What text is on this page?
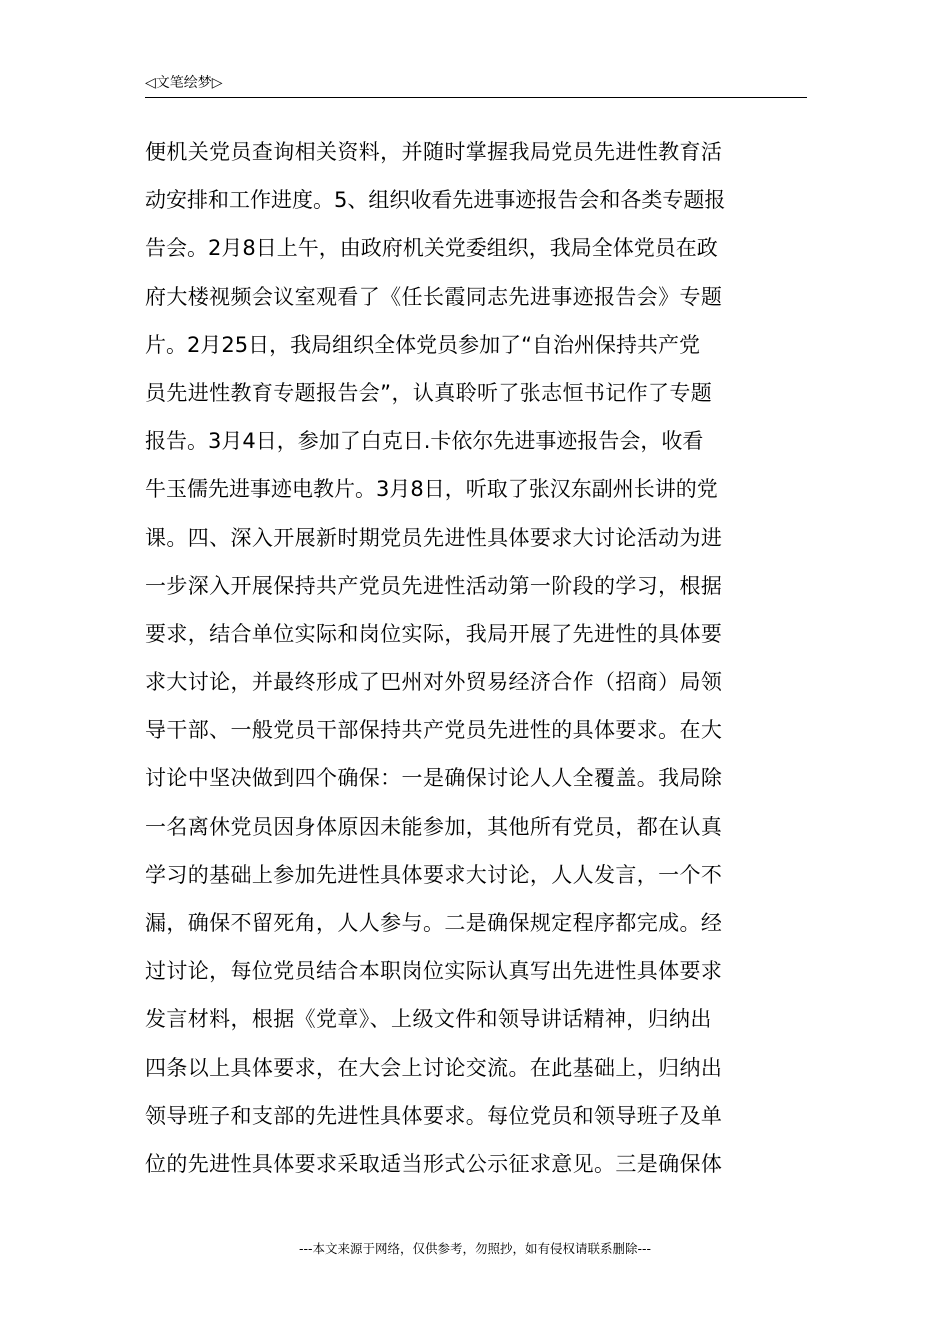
◁文笔绘梦▷
便机关党员查询相关资料，并随时掌握我局党员先进性教育活
动安排和工作进度。5、组织收看先进事迹报告会和各类专题报
告会。2月8日上午，由政府机关党委组织，我局全体党员在政
府大楼视频会议室观看了《任长霞同志先进事迹报告会》专题
片。2月25日，我局组织全体党员参加了“自治州保持共产党
员先进性教育专题报告会”，认真聆听了张志恒书记作了专题
报告。3月4日，参加了白克日.卡依尔先进事迹报告会，收看
牛玉儒先进事迹电教片。3月8日，听取了张汉东副州长讲的党
课。四、深入开展新时期党员先进性具体要求大讨论活动为进
一步深入开展保持共产党员先进性活动第一阶段的学习，根据
要求，结合单位实际和岗位实际，我局开展了先进性的具体要
求大讨论，并最终形成了巴州对外贸易经济合作（招商）局领
导干部、一般党员干部保持共产党员先进性的具体要求。在大
讨论中坚决做到四个确保：一是确保讨论人人全覆盖。我局除
一名离休党员因身体原因未能参加，其他所有党员，都在认真
学习的基础上参加先进性具体要求大讨论，人人发言，一个不
漏，确保不留死角，人人参与。二是确保规定程序都完成。经
过讨论，每位党员结合本职岗位实际认真写出先进性具体要求
发言材料，根据《党章》、上级文件和领导讲话精神，归纳出
四条以上具体要求，在大会上讨论交流。在此基础上，归纳出
领导班子和支部的先进性具体要求。每位党员和领导班子及单
位的先进性具体要求采取适当形式公示征求意见。三是确保体
---本文来源于网络，仅供参考，勿照抄，如有侵权请联系删除---
